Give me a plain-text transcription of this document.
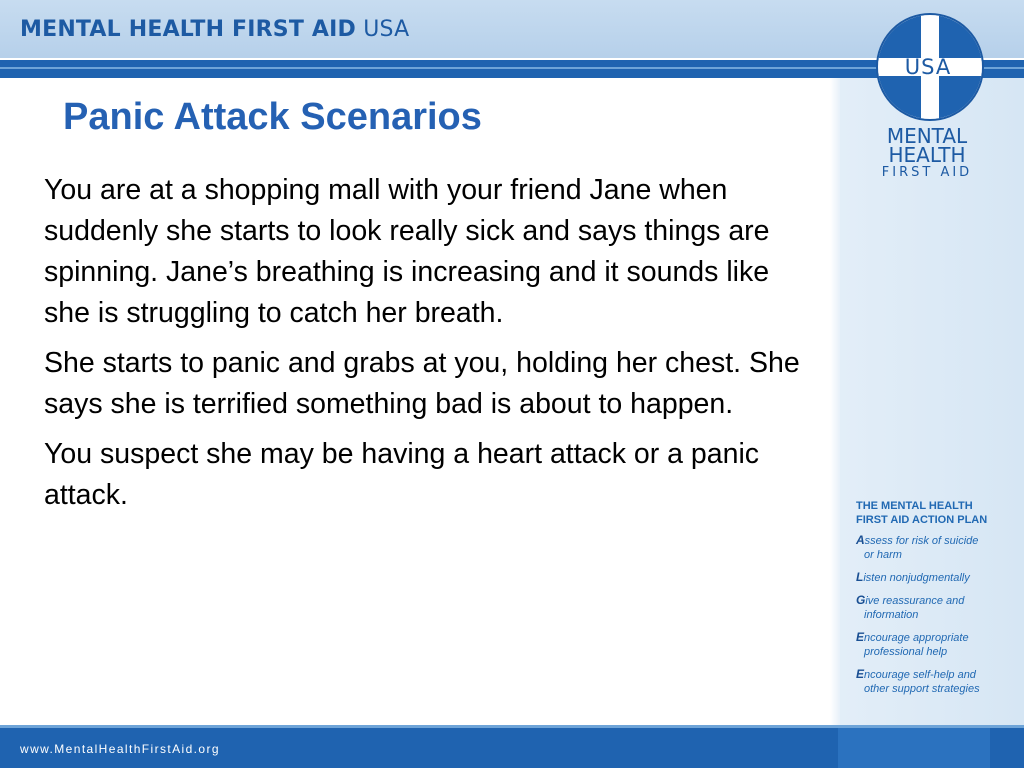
MENTAL HEALTH FIRST AID USA
USA
MENTAL
HEALTH
FIRST AID
Panic Attack Scenarios

You are at a shopping mall with your friend Jane when suddenly she starts to look really sick and says things are spinning. Jane’s breathing is increasing and it sounds like she is struggling to catch her breath.

She starts to panic and grabs at you, holding her chest. She says she is terrified something bad is about to happen.

You suspect she may be having a heart attack or a panic attack.	THE MENTAL HEALTH
FIRST AID ACTION PLAN
Assess for risk of suicide
or harm
Listen nonjudgmentally
Give reassurance and
information
Encourage appropriate
professional help
Encourage self-help and
other support strategies
www.MentalHealthFirstAid.org
